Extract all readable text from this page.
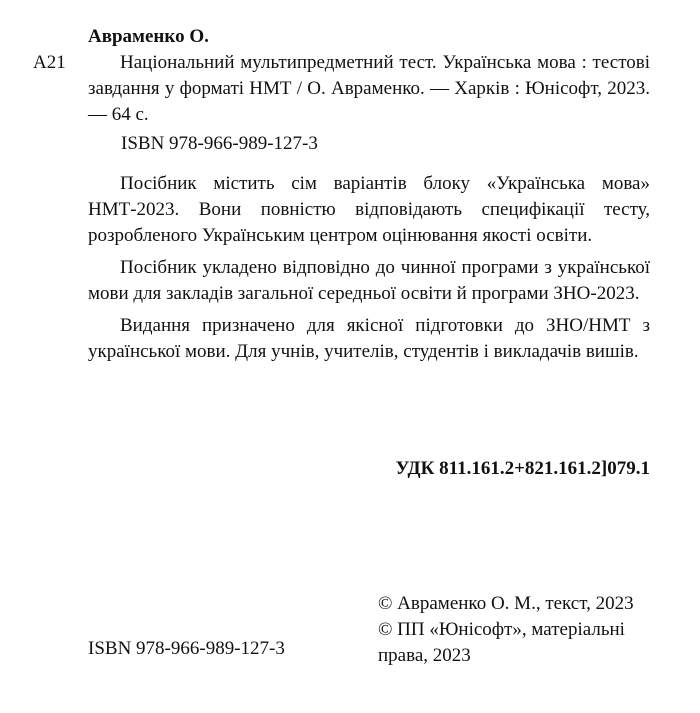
Авраменко О.
А21	Національний мультипредметний тест. Українська мова : тестові завдання у форматі НМТ / О. Авраменко. — Харків : Юнісофт, 2023. — 64 с.

ISBN 978-966-989-127-3

Посібник містить сім варіантів блоку «Українська мова» НМТ-2023. Вони повністю відповідають специфікації тесту, розробленого Українським центром оцінювання якості освіти.

Посібник укладено відповідно до чинної програми з української мови для закладів загальної середньої освіти й програми ЗНО-2023.

Видання призначено для якісної підготовки до ЗНО/НМТ з української мови. Для учнів, учителів, студентів і викладачів вишів.

УДК 811.161.2+821.161.2]079.1
© Авраменко О. М., текст, 2023
© ПП «Юнісофт», матеріальні права, 2023
ISBN 978-966-989-127-3
